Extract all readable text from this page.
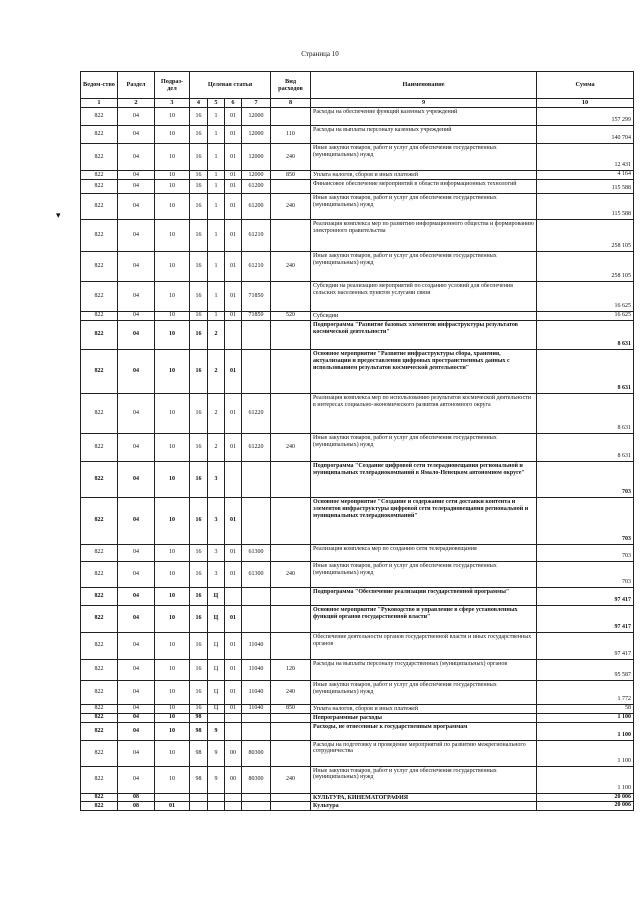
Страница 10
▾
Ведом-ство	Раздел	Подраз-дел	Целевая статья				Вид расходов	Наименование	Сумма
1	2	3	4	5	6	7	8	9	10
822	04	10	16	1	01	12000		Расходы на обеспечение функций казенных учреждений	157 299
822	04	10	16	1	01	12000	110	Расходы на выплаты персоналу казенных учреждений	140 704
822	04	10	16	1	01	12000	240	Иные закупки товаров, работ и услуг для обеспечения государственных (муниципальных) нужд	12 431
822	04	10	16	1	01	12000	850	Уплата налогов, сборов и иных платежей	4 164
822	04	10	16	1	01	61200		Финансовое обеспечение мероприятий в области информационных технологий	115 588
822	04	10	16	1	01	61200	240	Иные закупки товаров, работ и услуг для обеспечения государственных (муниципальных) нужд	115 588
822	04	10	16	1	01	61210		Реализация комплекса мер по развитию информационного общества и формированию электронного правительства	258 105
822	04	10	16	1	01	61210	240	Иные закупки товаров, работ и услуг для обеспечения государственных (муниципальных) нужд	258 105
822	04	10	16	1	01	71850		Субсидии на реализацию мероприятий по созданию условий для обеспечения сельских населенных пунктов услугами связи	16 625
822	04	10	16	1	01	71850	520	Субсидии	16 625
822	04	10	16	2				Подпрограмма "Развитие базовых элементов инфраструктуры результатов космической деятельности"	8 631
822	04	10	16	2	01			Основное мероприятие "Развитие инфраструктуры сбора, хранения, актуализации и предоставления цифровых пространственных данных с использованием результатов космической деятельности"	8 631
822	04	10	16	2	01	61220		Реализация комплекса мер по использованию результатов космической деятельности в интересах социально-экономического развития автономного округа	8 631
822	04	10	16	2	01	61220	240	Иные закупки товаров, работ и услуг для обеспечения государственных (муниципальных) нужд	8 631
822	04	10	16	3				Подпрограмма "Создание цифровой сети телерадиовещания региональной и муниципальных телерадиокомпаний в Ямало-Ненецком автономном округе"	703
822	04	10	16	3	01			Основное мероприятие "Создание и содержание сети доставки контента и элементов инфраструктуры цифровой сети телерадиовещания региональной и муниципальных телерадиокомпаний"	703
822	04	10	16	3	01	61300		Реализация комплекса мер по созданию сети телерадиовещания	703
822	04	10	16	3	01	61300	240	Иные закупки товаров, работ и услуг для обеспечения государственных (муниципальных) нужд	703
822	04	10	16	Ц				Подпрограмма "Обеспечение реализации государственной программы"	97 417
822	04	10	16	Ц	01			Основное мероприятие "Руководство и управление в сфере установленных функций органов государственной власти"	97 417
822	04	10	16	Ц	01	11040		Обеспечение деятельности органов государственной власти и иных государственных органов	97 417
822	04	10	16	Ц	01	11040	120	Расходы на выплаты персоналу государственных (муниципальных) органов	95 587
822	04	10	16	Ц	01	11040	240	Иные закупки товаров, работ и услуг для обеспечения государственных (муниципальных) нужд	1 772
822	04	10	16	Ц	01	11040	850	Уплата налогов, сборов и иных платежей	58
822	04	10	98					Непрограммные расходы	1 100
822	04	10	98	9				Расходы, не отнесенные к государственным программам	1 100
822	04	10	98	9	00	80300		Расходы на подготовку и проведение мероприятий по развитию межрегионального сотрудничества	1 100
822	04	10	98	9	00	80300	240	Иные закупки товаров, работ и услуг для обеспечения государственных (муниципальных) нужд	1 100
822	08							КУЛЬТУРА, КИНЕМАТОГРАФИЯ	20 006
822	08	01						Культура	20 006
